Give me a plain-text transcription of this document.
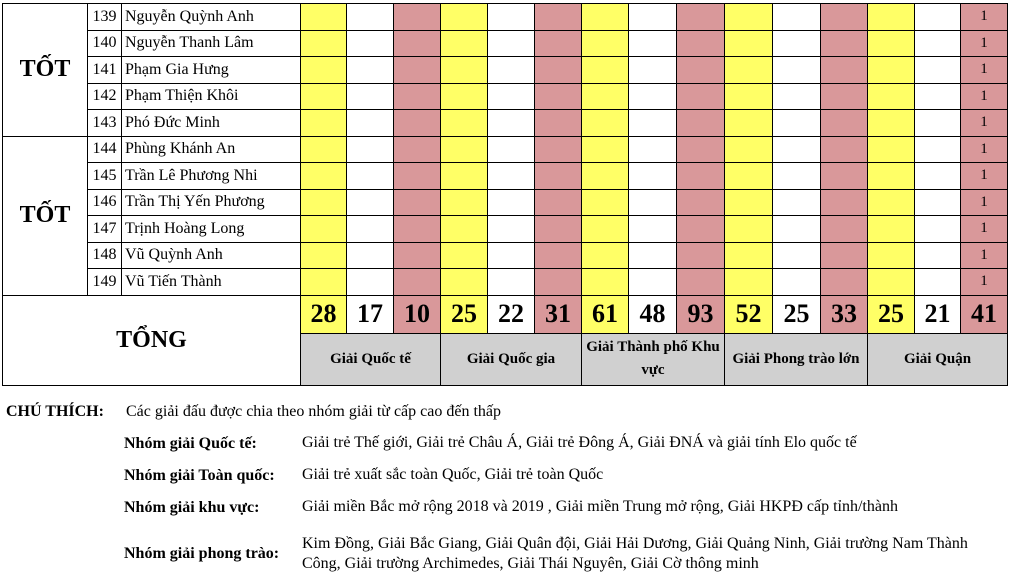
TỐT	139	Nguyễn Quỳnh Anh															1
	140	Nguyễn Thanh Lâm															1
	141	Phạm Gia Hưng															1
	142	Phạm Thiện Khôi															1
	143	Phó Đức Minh															1
TỐT	144	Phùng Khánh An															1
	145	Trần Lê Phương Nhi															1
	146	Trần Thị Yến Phương															1
	147	Trịnh Hoàng Long															1
	148	Vũ Quỳnh Anh															1
	149	Vũ Tiến Thành															1
TỔNG			28	17	10	25	22	31	61	48	93	52	25	33	25	21	41
			Giải Quốc tế			Giải Quốc gia			Giải Thành phố Khu vực			Giải Phong trào lớn			Giải Quận		
CHÚ THÍCH: Các giải đấu được chia theo nhóm giải từ cấp cao đến thấp
Nhóm giải Quốc tế:	Giải trẻ Thế giới, Giải trẻ Châu Á, Giải trẻ Đông Á, Giải ĐNÁ và giải tính Elo quốc tế
Nhóm giải Toàn quốc: Giải trẻ xuất sắc toàn Quốc, Giải trẻ toàn Quốc
Nhóm giải khu vực:	Giải miền Bắc mở rộng 2018 và 2019 , Giải miền Trung mở rộng, Giải HKPĐ cấp tỉnh/thành
Nhóm giải phong trào:
Kim Đồng, Giải Bắc Giang, Giải Quân đội, Giải Hải Dương, Giải Quảng Ninh, Giải trường Nam Thành
Công, Giải trường Archimedes, Giải Thái Nguyên, Giải Cờ thông minh
